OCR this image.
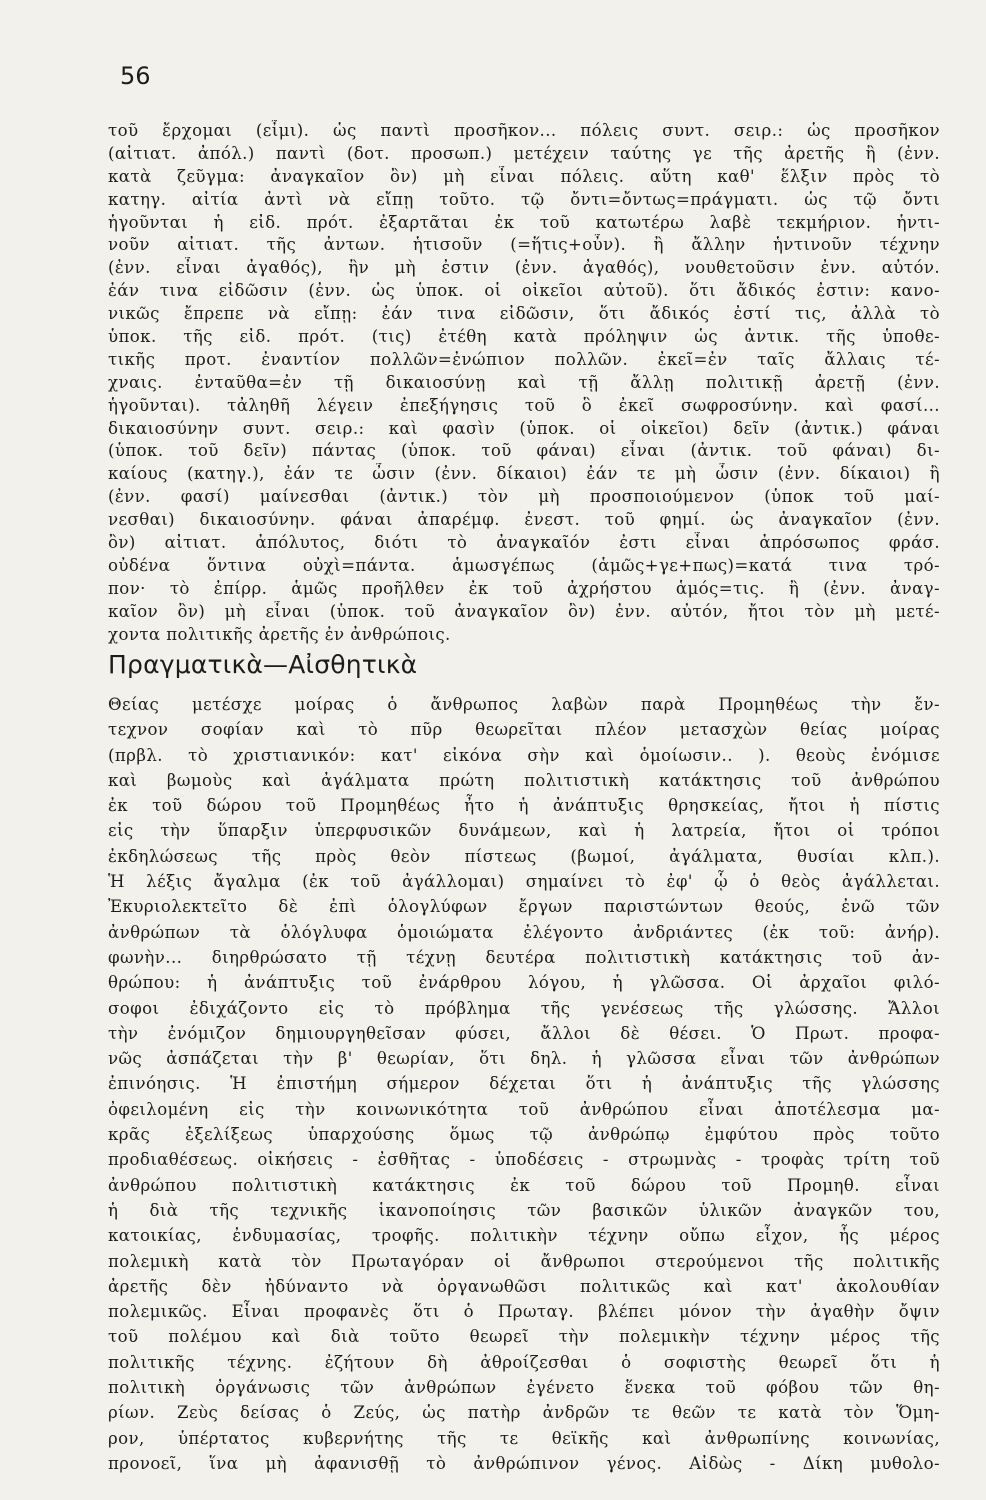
56
τοῦ ἔρχομαι (εἶμι). ὡς παντὶ προσῆκον... πόλεις συντ. σειρ.: ὡς προσῆκον
(αἰτιατ. ἀπόλ.) παντὶ (δοτ. προσωπ.) μετέχειν ταύτης γε τῆς ἀρετῆς ἢ (ἐνν.
κατὰ ζεῦγμα: ἀναγκαῖον ὂν) μὴ εἶναι πόλεις. αὕτη καθ' ἕλξιν πρὸς τὸ
κατηγ. αἰτία ἀντὶ νὰ εἴπῃ τοῦτο. τῷ ὄντι=ὄντως=πράγματι. ὡς τῷ ὄντι
ἡγοῦνται ἡ εἰδ. πρότ. ἐξαρτᾶται ἐκ τοῦ κατωτέρω λαβὲ τεκμήριον. ἡντι-
νοῦν αἰτιατ. τῆς ἀντων. ἡτισοῦν (=ἥτις+οὖν). ἢ ἄλλην ἡντινοῦν τέχνην
(ἐνν. εἶναι ἀγαθός), ἣν μὴ ἐστιν (ἐνν. ἀγαθός), νουθετοῦσιν ἐνν. αὐτόν.
ἐάν τινα εἰδῶσιν (ἐνν. ὡς ὑποκ. οἱ οἰκεῖοι αὐτοῦ). ὅτι ἄδικός ἐστιν: κανο-
νικῶς ἔπρεπε νὰ εἴπῃ: ἐάν τινα εἰδῶσιν, ὅτι ἄδικός ἐστί τις, ἀλλὰ τὸ
ὑποκ. τῆς εἰδ. πρότ. (τις) ἐτέθη κατὰ πρόληψιν ὡς ἀντικ. τῆς ὑποθε-
τικῆς προτ. ἐναντίον πολλῶν=ἐνώπιον πολλῶν. ἐκεῖ=ἐν ταῖς ἄλλαις τέ-
χναις. ἐνταῦθα=ἐν τῇ δικαιοσύνῃ καὶ τῇ ἄλλῃ πολιτικῇ ἀρετῇ (ἐνν.
ἡγοῦνται). τἀληθῆ λέγειν ἐπεξήγησις τοῦ ὃ ἐκεῖ σωφροσύνην. καὶ φασί...
δικαιοσύνην συντ. σειρ.: καὶ φασὶν (ὑποκ. οἱ οἰκεῖοι) δεῖν (ἀντικ.) φάναι
(ὑποκ. τοῦ δεῖν) πάντας (ὑποκ. τοῦ φάναι) εἶναι (ἀντικ. τοῦ φάναι) δι-
καίους (κατηγ.), ἐάν τε ὦσιν (ἐνν. δίκαιοι) ἐάν τε μὴ ὦσιν (ἐνν. δίκαιοι) ἢ
(ἐνν. φασί) μαίνεσθαι (ἀντικ.) τὸν μὴ προσποιούμενον (ὑποκ τοῦ μαί-
νεσθαι) δικαιοσύνην. φάναι ἀπαρέμφ. ἐνεστ. τοῦ φημί. ὡς ἀναγκαῖον (ἐνν.
ὂν) αἰτιατ. ἀπόλυτος, διότι τὸ ἀναγκαῖόν ἐστι εἶναι ἀπρόσωπος φράσ.
οὐδένα ὅντινα οὐχὶ=πάντα. ἁμωσγέπως (ἁμῶς+γε+πως)=κατά τινα τρό-
πον· τὸ ἐπίρρ. ἁμῶς προῆλθεν ἐκ τοῦ ἀχρήστου ἁμός=τις. ἢ (ἐνν. ἀναγ-
καῖον ὂν) μὴ εἶναι (ὑποκ. τοῦ ἀναγκαῖον ὂν) ἐνν. αὐτόν, ἤτοι τὸν μὴ μετέ-
χοντα πολιτικῆς ἀρετῆς ἐν ἀνθρώποις.
Πραγματικὰ—Αἰσθητικὰ
Θείας μετέσχε μοίρας ὁ ἄνθρωπος λαβὼν παρὰ Προμηθέως τὴν ἔν-
τεχνον σοφίαν καὶ τὸ πῦρ θεωρεῖται πλέον μετασχὼν θείας μοίρας
(πρβλ. τὸ χριστιανικόν: κατ' εἰκόνα σὴν καὶ ὁμοίωσιν.. ). θεοὺς ἐνόμισε
καὶ βωμοὺς καὶ ἀγάλματα πρώτη πολιτιστικὴ κατάκτησις τοῦ ἀνθρώπου
ἐκ τοῦ δώρου τοῦ Προμηθέως ἦτο ἡ ἀνάπτυξις θρησκείας, ἤτοι ἡ πίστις
εἰς τὴν ὕπαρξιν ὑπερφυσικῶν δυνάμεων, καὶ ἡ λατρεία, ἤτοι οἱ τρόποι
ἐκδηλώσεως τῆς πρὸς θεὸν πίστεως (βωμοί, ἀγάλματα, θυσίαι κλπ.).
Ἡ λέξις ἄγαλμα (ἐκ τοῦ ἀγάλλομαι) σημαίνει τὸ ἐφ' ᾧ ὁ θεὸς ἀγάλλεται.
Ἐκυριολεκτεῖτο δὲ ἐπὶ ὁλογλύφων ἔργων παριστώντων θεούς, ἐνῶ τῶν
ἀνθρώπων τὰ ὁλόγλυφα ὁμοιώματα ἐλέγοντο ἀνδριάντες (ἐκ τοῦ: ἀνήρ).
φωνὴν... διηρθρώσατο τῇ τέχνῃ δευτέρα πολιτιστικὴ κατάκτησις τοῦ ἀν-
θρώπου: ἡ ἀνάπτυξις τοῦ ἐνάρθρου λόγου, ἡ γλῶσσα. Οἱ ἀρχαῖοι φιλό-
σοφοι ἐδιχάζοντο εἰς τὸ πρόβλημα τῆς γενέσεως τῆς γλώσσης. Ἄλλοι
τὴν ἐνόμιζον δημιουργηθεῖσαν φύσει, ἄλλοι δὲ θέσει. Ὁ Πρωτ. προφα-
νῶς ἀσπάζεται τὴν β' θεωρίαν, ὅτι δηλ. ἡ γλῶσσα εἶναι τῶν ἀνθρώπων
ἐπινόησις. Ἡ ἐπιστήμη σήμερον δέχεται ὅτι ἡ ἀνάπτυξις τῆς γλώσσης
ὀφειλομένη εἰς τὴν κοινωνικότητα τοῦ ἀνθρώπου εἶναι ἀποτέλεσμα μα-
κρᾶς ἐξελίξεως ὑπαρχούσης ὅμως τῷ ἀνθρώπῳ ἐμφύτου πρὸς τοῦτο
προδιαθέσεως. οἰκήσεις - ἐσθῆτας - ὑποδέσεις - στρωμνὰς - τροφὰς τρίτη τοῦ
ἀνθρώπου πολιτιστικὴ κατάκτησις ἐκ τοῦ δώρου τοῦ Προμηθ. εἶναι
ἡ διὰ τῆς τεχνικῆς ἱκανοποίησις τῶν βασικῶν ὑλικῶν ἀναγκῶν του,
κατοικίας, ἐνδυμασίας, τροφῆς. πολιτικὴν τέχνην οὔπω εἶχον, ἧς μέρος
πολεμικὴ κατὰ τὸν Πρωταγόραν οἱ ἄνθρωποι στερούμενοι τῆς πολιτικῆς
ἀρετῆς δὲν ἠδύναντο νὰ ὀργανωθῶσι πολιτικῶς καὶ κατ' ἀκολουθίαν
πολεμικῶς. Εἶναι προφανὲς ὅτι ὁ Πρωταγ. βλέπει μόνον τὴν ἀγαθὴν ὄψιν
τοῦ πολέμου καὶ διὰ τοῦτο θεωρεῖ τὴν πολεμικὴν τέχνην μέρος τῆς
πολιτικῆς τέχνης. ἐζήτουν δὴ ἀθροίζεσθαι ὁ σοφιστὴς θεωρεῖ ὅτι ἡ
πολιτικὴ ὀργάνωσις τῶν ἀνθρώπων ἐγένετο ἕνεκα τοῦ φόβου τῶν θη-
ρίων. Ζεὺς δείσας ὁ Ζεύς, ὡς πατὴρ ἀνδρῶν τε θεῶν τε κατὰ τὸν Ὅμη-
ρον, ὑπέρτατος κυβερνήτης τῆς τε θεϊκῆς καὶ ἀνθρωπίνης κοινωνίας,
προνοεῖ, ἵνα μὴ ἀφανισθῇ τὸ ἀνθρώπινον γένος. Αἰδὼς - Δίκη μυθολο-
